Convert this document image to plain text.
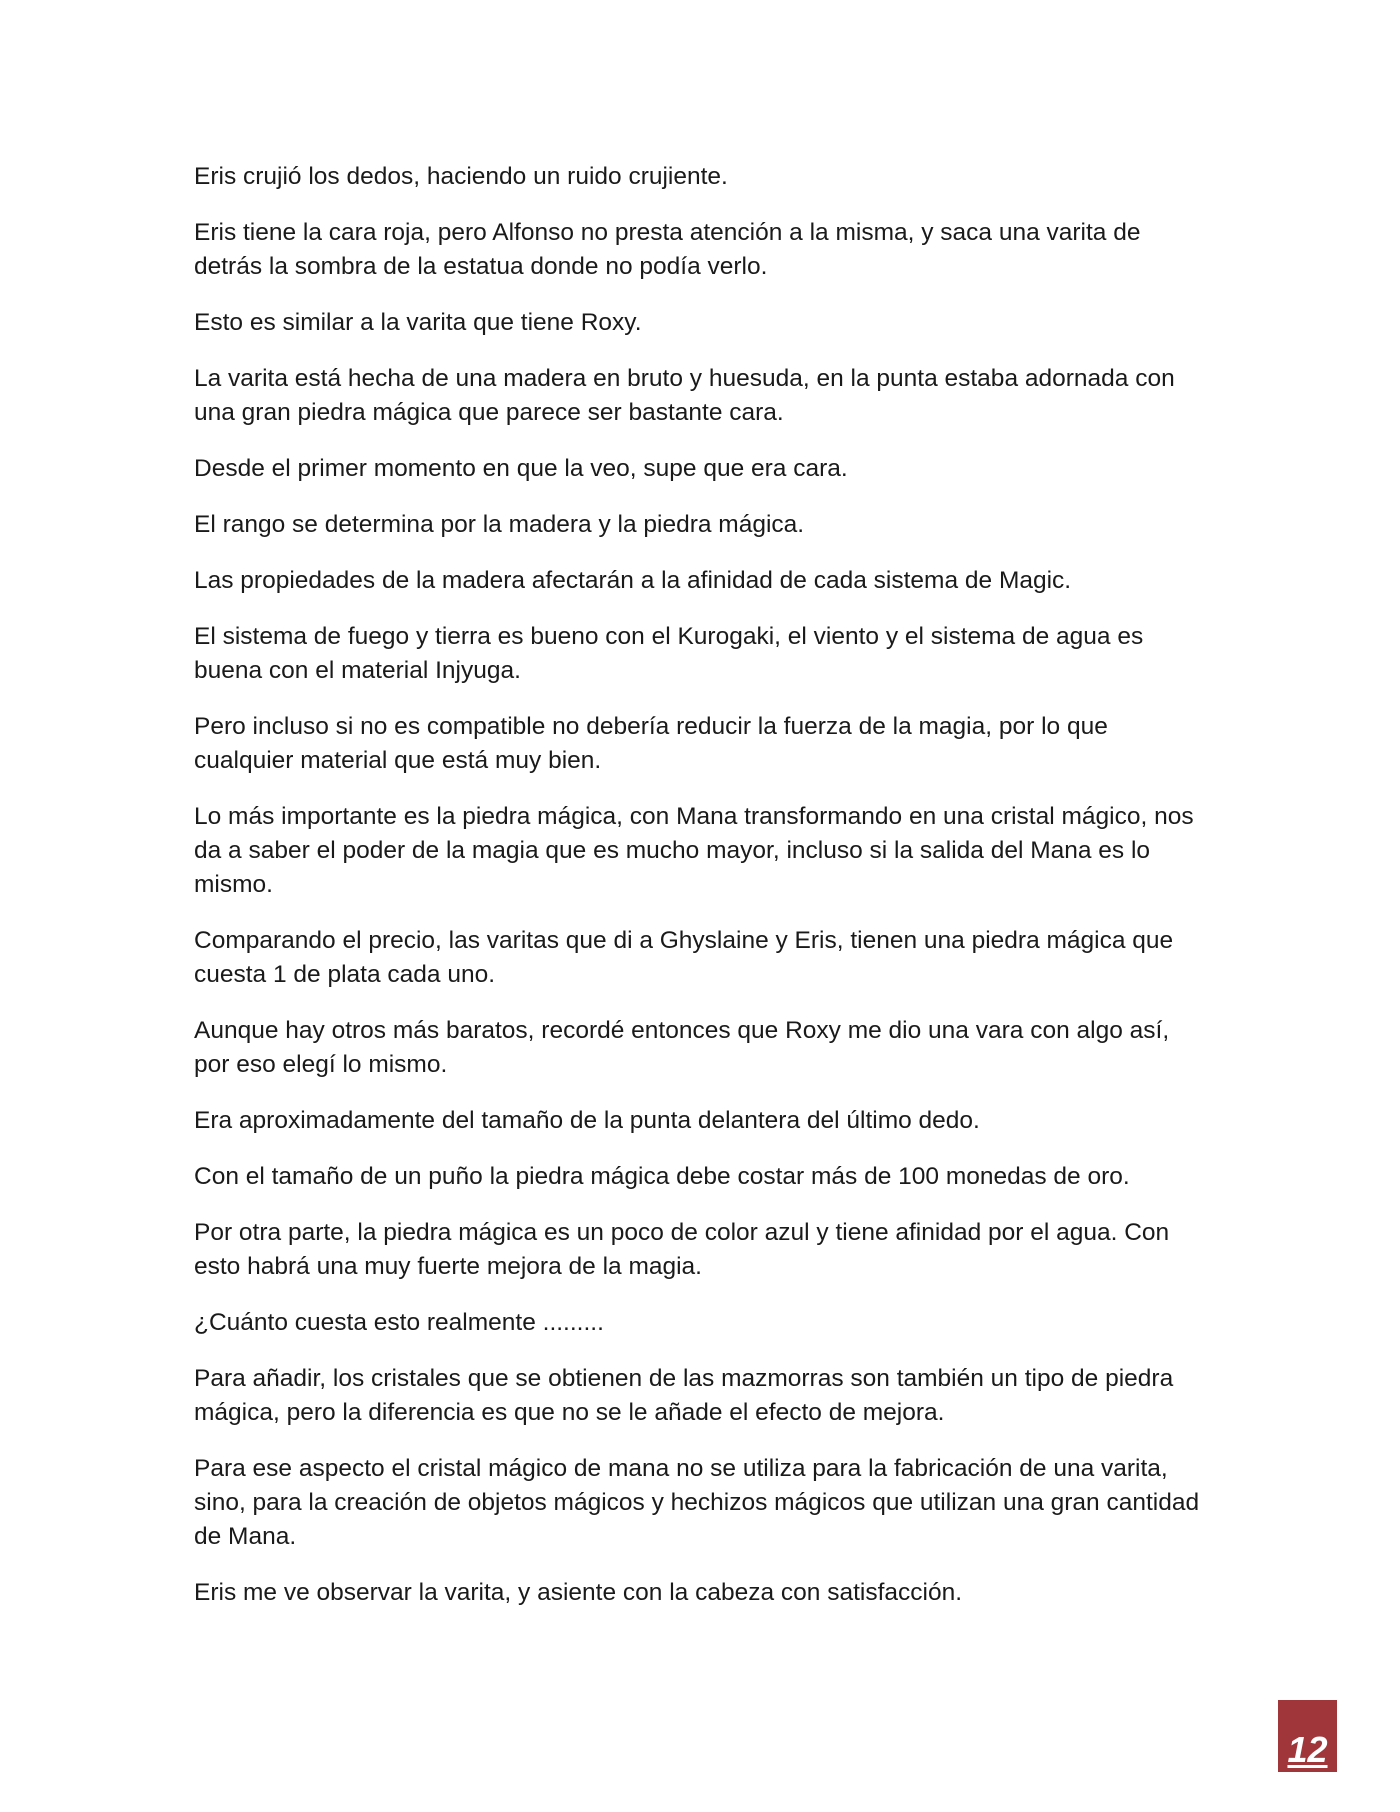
Eris crujió los dedos, haciendo un ruido crujiente.

Eris tiene la cara roja, pero Alfonso no presta atención a la misma, y saca una varita de detrás la sombra de la estatua donde no podía verlo.

Esto es similar a la varita que tiene Roxy.

La varita está hecha de una madera en bruto y huesuda, en la punta estaba adornada con una gran piedra mágica que parece ser bastante cara.

Desde el primer momento en que la veo, supe que era cara.

El rango se determina por la madera y la piedra mágica.

Las propiedades de la madera afectarán a la afinidad de cada sistema de Magic.

El sistema de fuego y tierra es bueno con el Kurogaki, el viento y el sistema de agua es buena con el material Injyuga.

Pero incluso si no es compatible no debería reducir la fuerza de la magia, por lo que cualquier material que está muy bien.

Lo más importante es la piedra mágica, con Mana transformando en una cristal mágico, nos da a saber el poder de la magia que es mucho mayor, incluso si la salida del Mana es lo mismo.

Comparando el precio, las varitas que di a Ghyslaine y Eris, tienen una piedra mágica que cuesta 1 de plata cada uno.

Aunque hay otros más baratos, recordé entonces que Roxy me dio una vara con algo así, por eso elegí lo mismo.

Era aproximadamente del tamaño de la punta delantera del último dedo.

Con el tamaño de un puño la piedra mágica debe costar más de 100 monedas de oro.

Por otra parte, la piedra mágica es un poco de color azul y tiene afinidad por el agua. Con esto habrá una muy fuerte mejora de la magia.

¿Cuánto cuesta esto realmente .........

Para añadir, los cristales que se obtienen de las mazmorras son también un tipo de piedra mágica, pero la diferencia es que no se le añade el efecto de mejora.

Para ese aspecto el cristal mágico de mana no se utiliza para la fabricación de una varita, sino, para la creación de objetos mágicos y hechizos mágicos que utilizan una gran cantidad de Mana.

Eris me ve observar la varita, y asiente con la cabeza con satisfacción.

12
